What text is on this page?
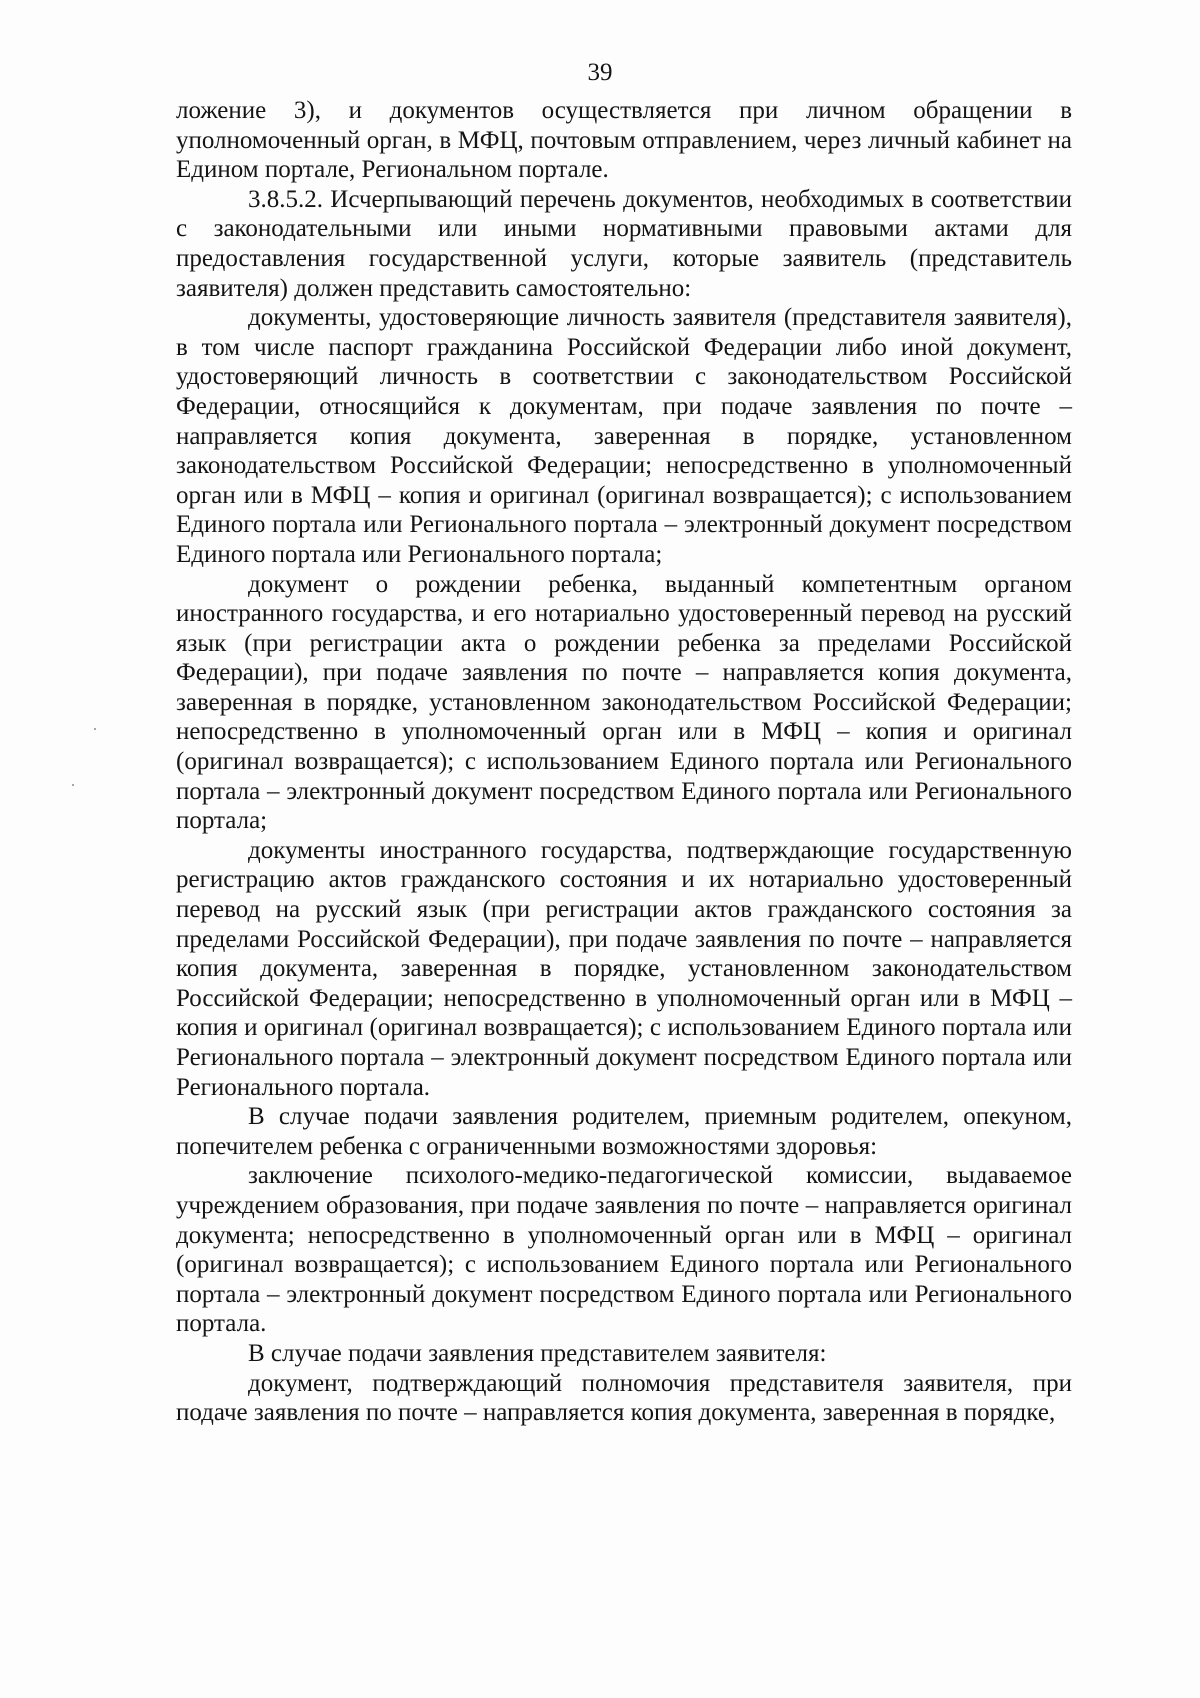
39

ложение 3), и документов осуществляется при личном обращении в уполномоченный орган, в МФЦ, почтовым отправлением, через личный кабинет на Едином портале, Региональном портале.

3.8.5.2. Исчерпывающий перечень документов, необходимых в соответствии с законодательными или иными нормативными правовыми актами для предоставления государственной услуги, которые заявитель (представитель заявителя) должен представить самостоятельно:

документы, удостоверяющие личность заявителя (представителя заявителя), в том числе паспорт гражданина Российской Федерации либо иной документ, удостоверяющий личность в соответствии с законодательством Российской Федерации, относящийся к документам, при подаче заявления по почте – направляется копия документа, заверенная в порядке, установленном законодательством Российской Федерации; непосредственно в уполномоченный орган или в МФЦ – копия и оригинал (оригинал возвращается); с использованием Единого портала или Регионального портала – электронный документ посредством Единого портала или Регионального портала;

документ о рождении ребенка, выданный компетентным органом иностранного государства, и его нотариально удостоверенный перевод на русский язык (при регистрации акта о рождении ребенка за пределами Российской Федерации), при подаче заявления по почте – направляется копия документа, заверенная в порядке, установленном законодательством Российской Федерации; непосредственно в уполномоченный орган или в МФЦ – копия и оригинал (оригинал возвращается); с использованием Единого портала или Регионального портала – электронный документ посредством Единого портала или Регионального портала;

документы иностранного государства, подтверждающие государственную регистрацию актов гражданского состояния и их нотариально удостоверенный перевод на русский язык (при регистрации актов гражданского состояния за пределами Российской Федерации), при подаче заявления по почте – направляется копия документа, заверенная в порядке, установленном законодательством Российской Федерации; непосредственно в уполномоченный орган или в МФЦ – копия и оригинал (оригинал возвращается); с использованием Единого портала или Регионального портала – электронный документ посредством Единого портала или Регионального портала.

В случае подачи заявления родителем, приемным родителем, опекуном, попечителем ребенка с ограниченными возможностями здоровья:

заключение психолого-медико-педагогической комиссии, выдаваемое учреждением образования, при подаче заявления по почте – направляется оригинал документа; непосредственно в уполномоченный орган или в МФЦ – оригинал (оригинал возвращается); с использованием Единого портала или Регионального портала – электронный документ посредством Единого портала или Регионального портала.

В случае подачи заявления представителем заявителя:

документ, подтверждающий полномочия представителя заявителя, при подаче заявления по почте – направляется копия документа, заверенная в порядке,
